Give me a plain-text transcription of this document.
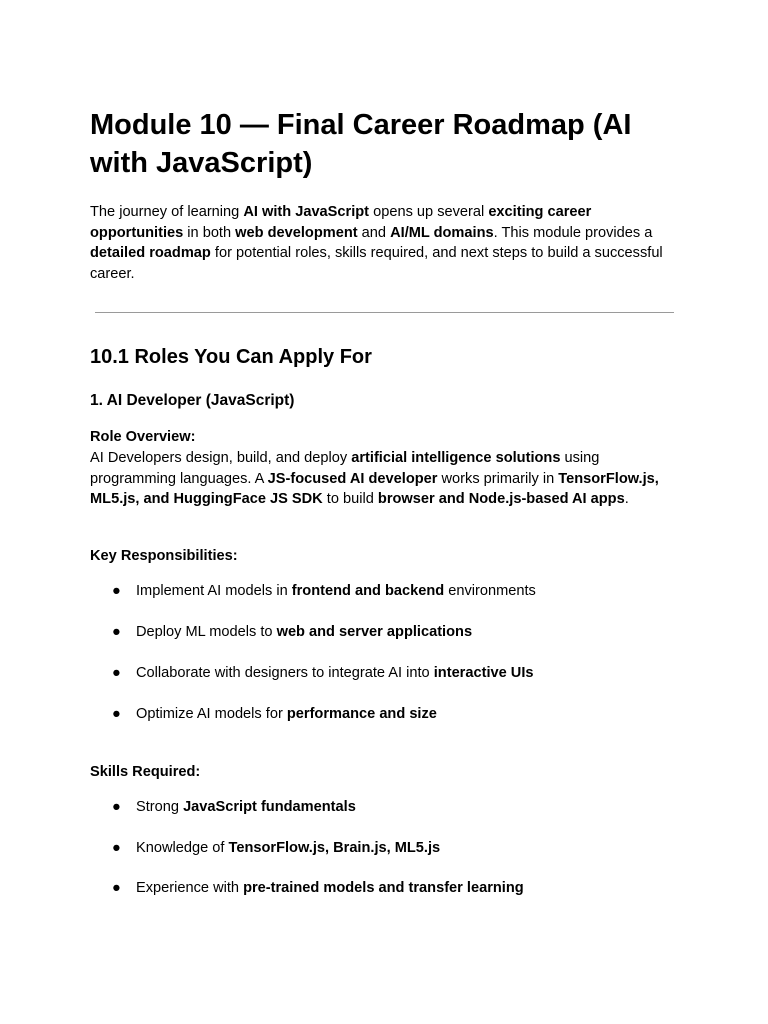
Module 10 — Final Career Roadmap (AI with JavaScript)

The journey of learning AI with JavaScript opens up several exciting career opportunities in both web development and AI/ML domains. This module provides a detailed roadmap for potential roles, skills required, and next steps to build a successful career.

10.1 Roles You Can Apply For
1. AI Developer (JavaScript)

Role Overview:

AI Developers design, build, and deploy artificial intelligence solutions using programming languages. A JS-focused AI developer works primarily in TensorFlow.js, ML5.js, and HuggingFace JS SDK to build browser and Node.js-based AI apps.

Key Responsibilities:

● Implement AI models in frontend and backend environments
● Deploy ML models to web and server applications
● Collaborate with designers to integrate AI into interactive UIs
● Optimize AI models for performance and size

Skills Required:

● Strong JavaScript fundamentals
● Knowledge of TensorFlow.js, Brain.js, ML5.js
● Experience with pre-trained models and transfer learning
